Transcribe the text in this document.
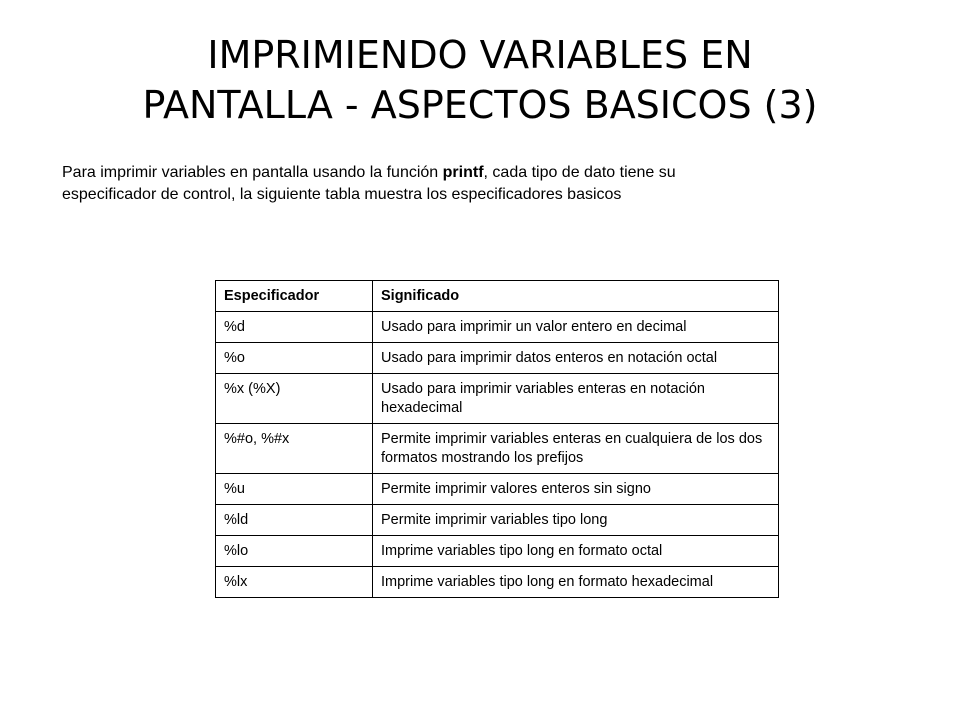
IMPRIMIENDO VARIABLES EN
PANTALLA - ASPECTOS BASICOS (3)

Para imprimir variables en pantalla usando la función printf, cada tipo de dato tiene su especificador de control, la siguiente tabla muestra los especificadores basicos

Especificador	Significado
%d	Usado para imprimir un valor entero en decimal
%o	Usado para imprimir datos enteros en notación octal
%x (%X)	Usado para imprimir variables enteras en notación hexadecimal
%#o, %#x	Permite imprimir variables enteras en cualquiera de los dos formatos mostrando los prefijos
%u	Permite imprimir valores enteros sin signo
%ld	Permite imprimir variables tipo long
%lo	Imprime variables tipo long en formato octal
%lx	Imprime variables tipo long en formato hexadecimal
